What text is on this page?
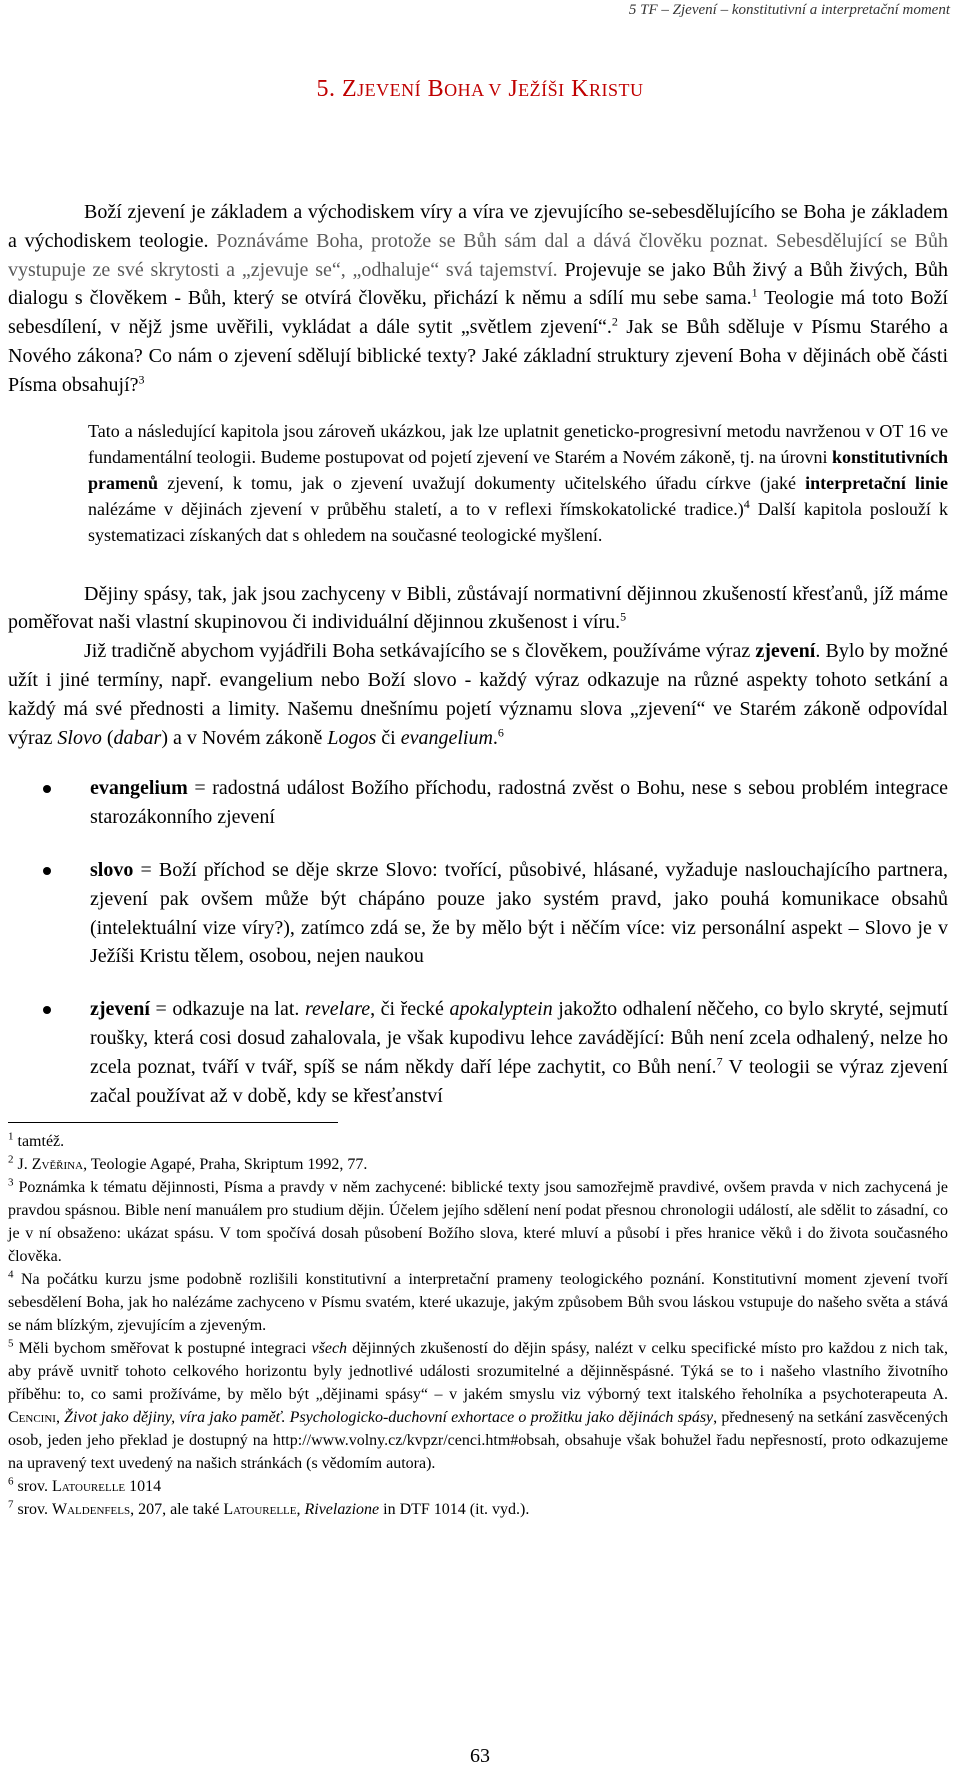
5 TF – Zjevení – konstitutivní a interpretační moment
5. ZJEVENÍ BOHA V JEŽÍŠI KRISTU

Boží zjevení je základem a východiskem víry a víra ve zjevujícího se-sebesdělujícího se Boha je základem a východiskem teologie. Poznáváme Boha, protože se Bůh sám dal a dává člověku poznat. Sebesdělující se Bůh vystupuje ze své skrytosti a „zjevuje se“, „odhaluje“ svá tajemství. Projevuje se jako Bůh živý a Bůh živých, Bůh dialogu s člověkem - Bůh, který se otvírá člověku, přichází k němu a sdílí mu sebe sama.$^1$ Teologie má toto Boží sebesdílení, v nějž jsme uvěřili, vykládat a dále sytit „světlem zjevení“.$^2$ Jak se Bůh sděluje v Písmu Starého a Nového zákona? Co nám o zjevení sdělují biblické texty? Jaké základní struktury zjevení Boha v dějinách obě části Písma obsahují?$^3$

Tato a následující kapitola jsou zároveň ukázkou, jak lze uplatnit geneticko-progresivní metodu navrženou v OT 16 ve fundamentální teologii. Budeme postupovat od pojetí zjevení ve Starém a Novém zákoně, tj. na úrovni konstitutivních pramenů zjevení, k tomu, jak o zjevení uvažují dokumenty učitelského úřadu církve (jaké interpretační linie nalézáme v dějinách zjevení v průběhu staletí, a to v reflexi římskokatolické tradice.)$^4$ Další kapitola poslouží k systematizaci získaných dat s ohledem na současné teologické myšlení.

Dějiny spásy, tak, jak jsou zachyceny v Bibli, zůstávají normativní dějinnou zkušeností křesťanů, jíž máme poměřovat naši vlastní skupinovou či individuální dějinnou zkušenost i víru.$^5$

Již tradičně abychom vyjádřili Boha setkávajícího se s člověkem, používáme výraz zjevení. Bylo by možné užít i jiné termíny, např. evangelium nebo Boží slovo - každý výraz odkazuje na různé aspekty tohoto setkání a každý má své přednosti a limity. Našemu dnešnímu pojetí významu slova „zjevení“ ve Starém zákoně odpovídal výraz Slovo (dabar) a v Novém zákoně Logos či evangelium.$^6$

evangelium = radostná událost Božího příchodu, radostná zvěst o Bohu, nese s sebou problém integrace starozákonního zjevení
slovo = Boží příchod se děje skrze Slovo: tvořící, působivé, hlásané, vyžaduje naslouchajícího partnera, zjevení pak ovšem může být chápáno pouze jako systém pravd, jako pouhá komunikace obsahů (intelektuální vize víry?), zatímco zdá se, že by mělo být i něčím více: viz personální aspekt – Slovo je v Ježíši Kristu tělem, osobou, nejen naukou
zjevení = odkazuje na lat. revelare, či řecké apokalyptein jakožto odhalení něčeho, co bylo skryté, sejmutí roušky, která cosi dosud zahalovala, je však kupodivu lehce zavádějící: Bůh není zcela odhalený, nelze ho zcela poznat, tváří v tvář, spíš se nám někdy daří lépe zachytit, co Bůh není.$^7$ V teologii se výraz zjevení začal používat až v době, kdy se křesťanství

$^1$ tamtéž.

$^2$ J. Zvěřina, Teologie Agapé, Praha, Skriptum 1992, 77.

$^3$ Poznámka k tématu dějinnosti, Písma a pravdy v něm zachycené: biblické texty jsou samozřejmě pravdivé, ovšem pravda v nich zachycená je pravdou spásnou. Bible není manuálem pro studium dějin. Účelem jejího sdělení není podat přesnou chronologii událostí, ale sdělit to zásadní, co je v ní obsaženo: ukázat spásu. V tom spočívá dosah působení Božího slova, které mluví a působí i přes hranice věků i do života současného člověka.

$^4$ Na počátku kurzu jsme podobně rozlišili konstitutivní a interpretační prameny teologického poznání. Konstitutivní moment zjevení tvoří sebesdělení Boha, jak ho nalézáme zachyceno v Písmu svatém, které ukazuje, jakým způsobem Bůh svou láskou vstupuje do našeho světa a stává se nám blízkým, zjevujícím a zjeveným.

$^5$ Měli bychom směřovat k postupné integraci všech dějinných zkušeností do dějin spásy, nalézt v celku specifické místo pro každou z nich tak, aby právě uvnitř tohoto celkového horizontu byly jednotlivé události srozumitelné a dějinněspásné. Týká se to i našeho vlastního životního příběhu: to, co sami prožíváme, by mělo být „dějinami spásy“ – v jakém smyslu viz výborný text italského řeholníka a psychoterapeuta A. Cencini, Život jako dějiny, víra jako paměť. Psychologicko-duchovní exhortace o prožitku jako dějinách spásy, přednesený na setkání zasvěcených osob, jeden jeho překlad je dostupný na http://www.volny.cz/kvpzr/cenci.htm#obsah, obsahuje však bohužel řadu nepřesností, proto odkazujeme na upravený text uvedený na našich stránkách (s vědomím autora).

$^6$ srov. Latourelle 1014

$^7$ srov. Waldenfels, 207, ale také Latourelle, Rivelazione in DTF 1014 (it. vyd.).

63
